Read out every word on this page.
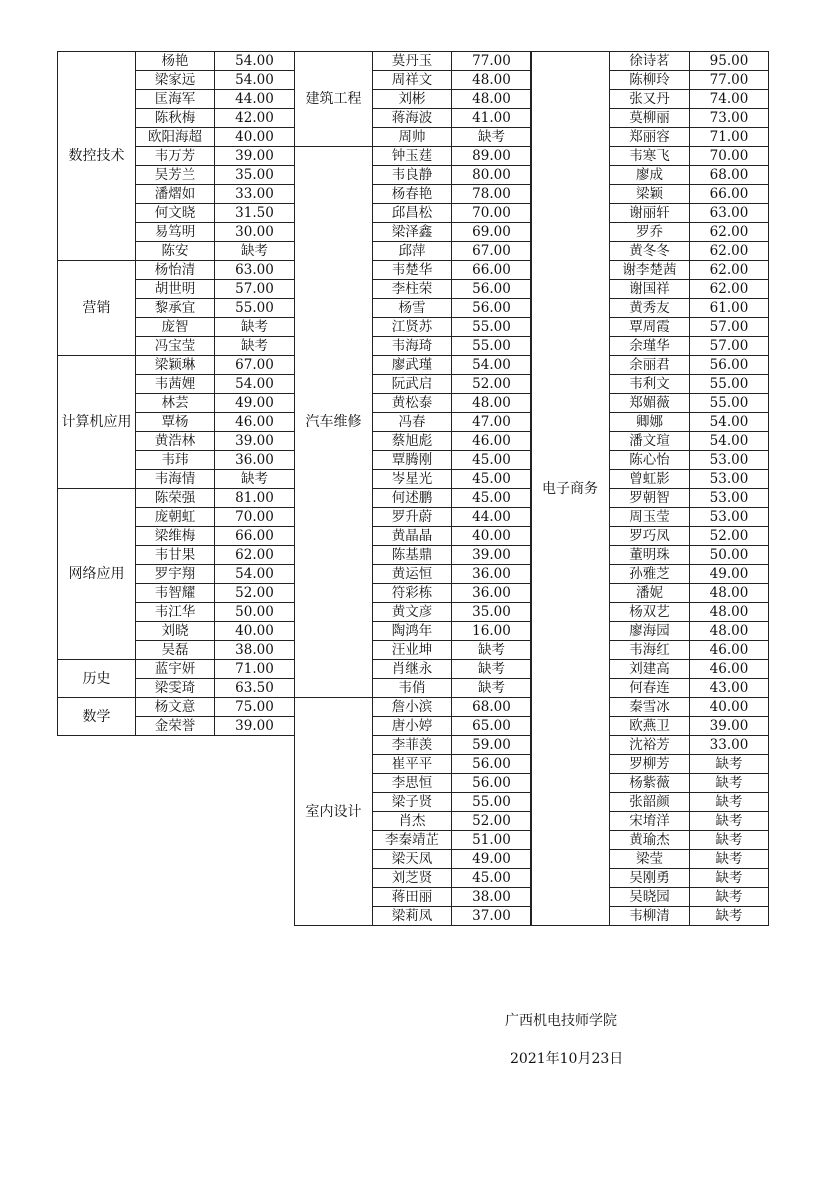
数控技术	杨艳	54.00
	梁家远	54.00
	匡海军	44.00
	陈秋梅	42.00
	欧阳海超	40.00
	韦万芳	39.00
	吴芳兰	35.00
	潘熠如	33.00
	何文晓	31.50
	易笃明	30.00
	陈安	缺考
营销	杨怡清	63.00
	胡世明	57.00
	黎承宜	55.00
	庞智	缺考
	冯宝莹	缺考
计算机应用	梁颖琳	67.00
	韦茜娌	54.00
	林芸	49.00
	覃杨	46.00
	黄浩林	39.00
	韦玮	36.00
	韦海情	缺考
网络应用	陈荣强	81.00
	庞朝虹	70.00
	梁维梅	66.00
	韦甘果	62.00
	罗宇翔	54.00
	韦智耀	52.00
	韦江华	50.00
	刘晓	40.00
	吴磊	38.00
历史	蓝宇妍	71.00
	梁雯琦	63.50
数学	杨文意	75.00
	金荣誉	39.00
建筑工程	莫丹玉	77.00
	周祥文	48.00
	刘彬	48.00
	蒋海波	41.00
	周帅	缺考
汽车维修	钟玉莛	89.00
	韦良静	80.00
	杨春艳	78.00
	邱昌松	70.00
	梁泽鑫	69.00
	邱萍	67.00
	韦楚华	66.00
	李柱荣	56.00
	杨雪	56.00
	江贤苏	55.00
	韦海琦	55.00
	廖武瑾	54.00
	阮武启	52.00
	黄松泰	48.00
	冯春	47.00
	蔡旭彪	46.00
	覃腾刚	45.00
	岑星光	45.00
	何述鹏	45.00
	罗升蔚	44.00
	黄晶晶	40.00
	陈基鼎	39.00
	黄运恒	36.00
	符彩栋	36.00
	黄文彦	35.00
	陶鸿年	16.00
	汪业坤	缺考
	肖继永	缺考
	韦俏	缺考
室内设计	詹小滨	68.00
	唐小婷	65.00
	李菲羡	59.00
	崔平平	56.00
	李思恒	56.00
	梁子贤	55.00
	肖杰	52.00
	李秦靖芷	51.00
	梁天凤	49.00
	刘芝贤	45.00
	蒋田丽	38.00
	梁莉凤	37.00
电子商务	徐诗茗	95.00
	陈柳玲	77.00
	张又丹	74.00
	莫柳丽	73.00
	郑丽容	71.00
	韦寒飞	70.00
	廖成	68.00
	梁颖	66.00
	谢丽轩	63.00
	罗乔	62.00
	黄冬冬	62.00
	谢李楚茜	62.00
	谢国祥	62.00
	黄秀友	61.00
	覃周霞	57.00
	余瑾华	57.00
	余丽君	56.00
	韦利文	55.00
	郑媚薇	55.00
	卿娜	54.00
	潘文瑄	54.00
	陈心怡	53.00
	曾虹影	53.00
	罗朝智	53.00
	周玉莹	53.00
	罗巧凤	52.00
	董明珠	50.00
	孙雅芝	49.00
	潘妮	48.00
	杨双艺	48.00
	廖海园	48.00
	韦海红	46.00
	刘建高	46.00
	何春连	43.00
	秦雪冰	40.00
	欧燕卫	39.00
	沈裕芳	33.00
	罗柳芳	缺考
	杨紫薇	缺考
	张韶颜	缺考
	宋堉洋	缺考
	黄瑜杰	缺考
	梁莹	缺考
	吴刚勇	缺考
	吴晓园	缺考
	韦柳清	缺考
广西机电技师学院
2021年10月23日
